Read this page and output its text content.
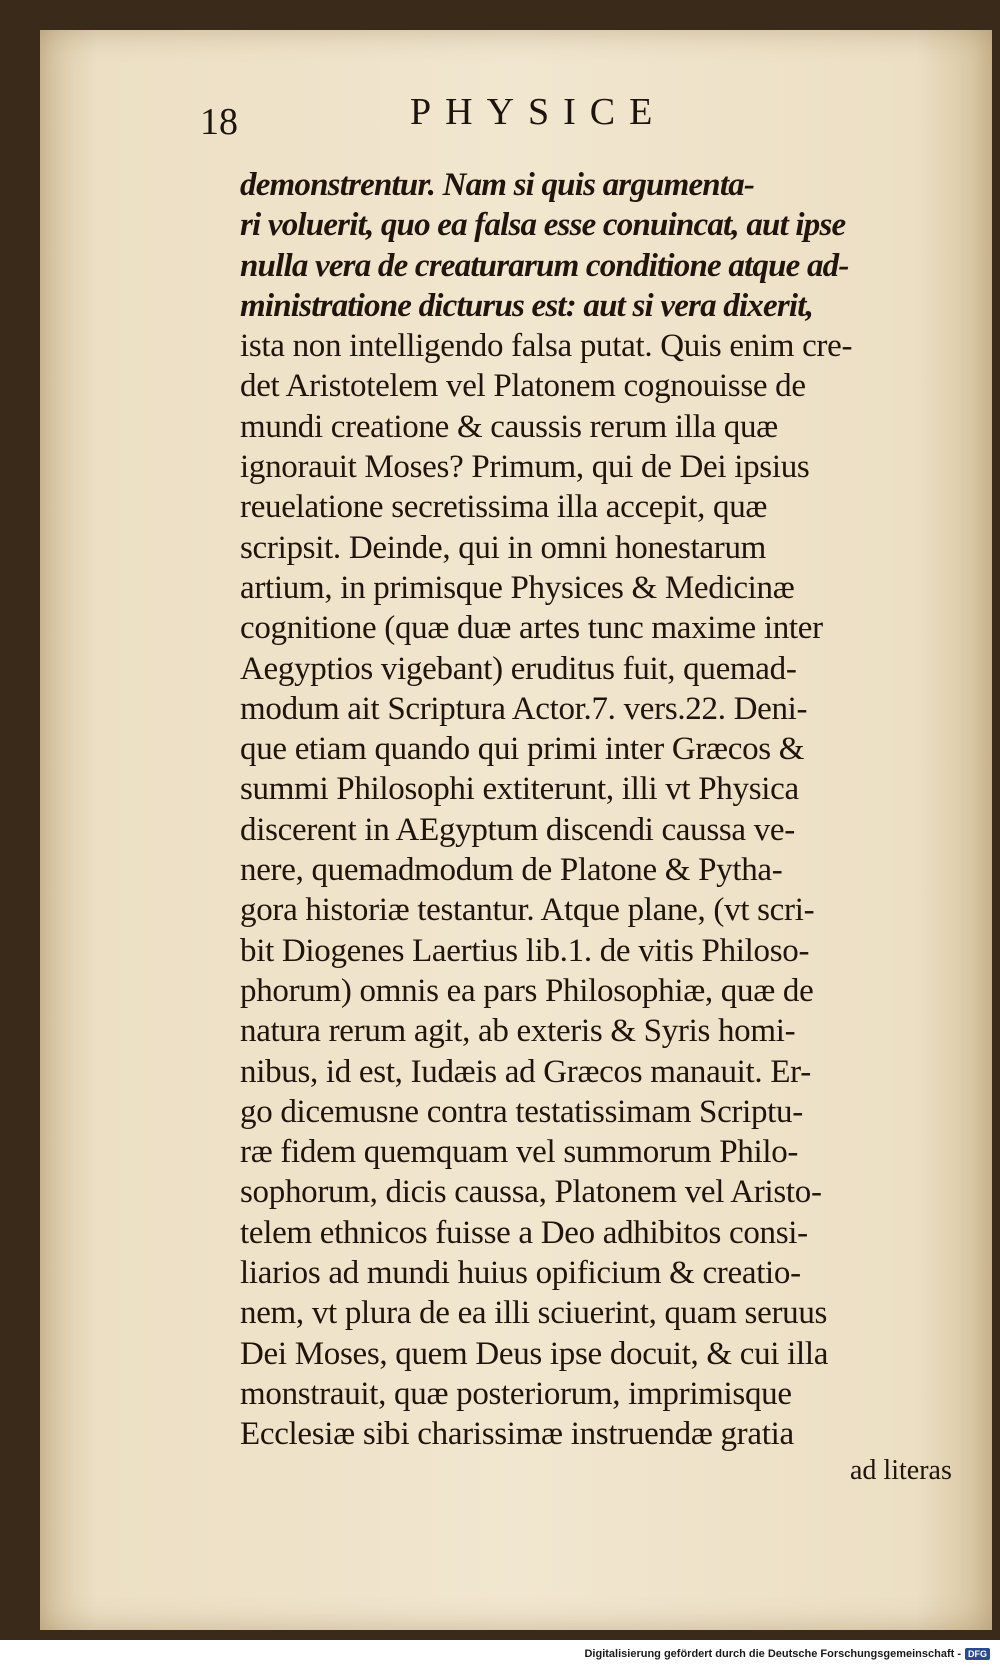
18	PHYSICE
demonstrentur. Nam si quis argumenta-
ri voluerit, quo ea falsa esse conuincat, aut ipse
nulla vera de creaturarum conditione atque ad-
ministratione dicturus est: aut si vera dixerit,
ista non intelligendo falsa putat. Quis enim cre-
det Aristotelem vel Platonem cognouisse de
mundi creatione & caussis rerum illa quæ
ignorauit Moses? Primum, qui de Dei ipsius
reuelatione secretissima illa accepit, quæ
scripsit. Deinde, qui in omni honestarum
artium, in primisque Physices & Medicinæ
cognitione (quæ duæ artes tunc maxime inter
Aegyptios vigebant) eruditus fuit, quemad-
modum ait Scriptura Actor.7. vers.22. Deni-
que etiam quando qui primi inter Græcos &
summi Philosophi extiterunt, illi vt Physica
discerent in AEgyptum discendi caussa ve-
nere, quemadmodum de Platone & Pytha-
gora historiæ testantur. Atque plane, (vt scri-
bit Diogenes Laertius lib.1. de vitis Philoso-
phorum) omnis ea pars Philosophiæ, quæ de
natura rerum agit, ab exteris & Syris homi-
nibus, id est, Iudæis ad Græcos manauit. Er-
go dicemusne contra testatissimam Scriptu-
ræ fidem quemquam vel summorum Philo-
sophorum, dicis caussa, Platonem vel Aristo-
telem ethnicos fuisse a Deo adhibitos consi-
liarios ad mundi huius opificium & creatio-
nem, vt plura de ea illi sciuerint, quam seruus
Dei Moses, quem Deus ipse docuit, & cui illa
monstrauit, quæ posteriorum, imprimisque
Ecclesiæ sibi charissimæ instruendæ gratia
ad literas
Digitalisierung gefördert durch die Deutsche Forschungsgemeinschaft - DFG
